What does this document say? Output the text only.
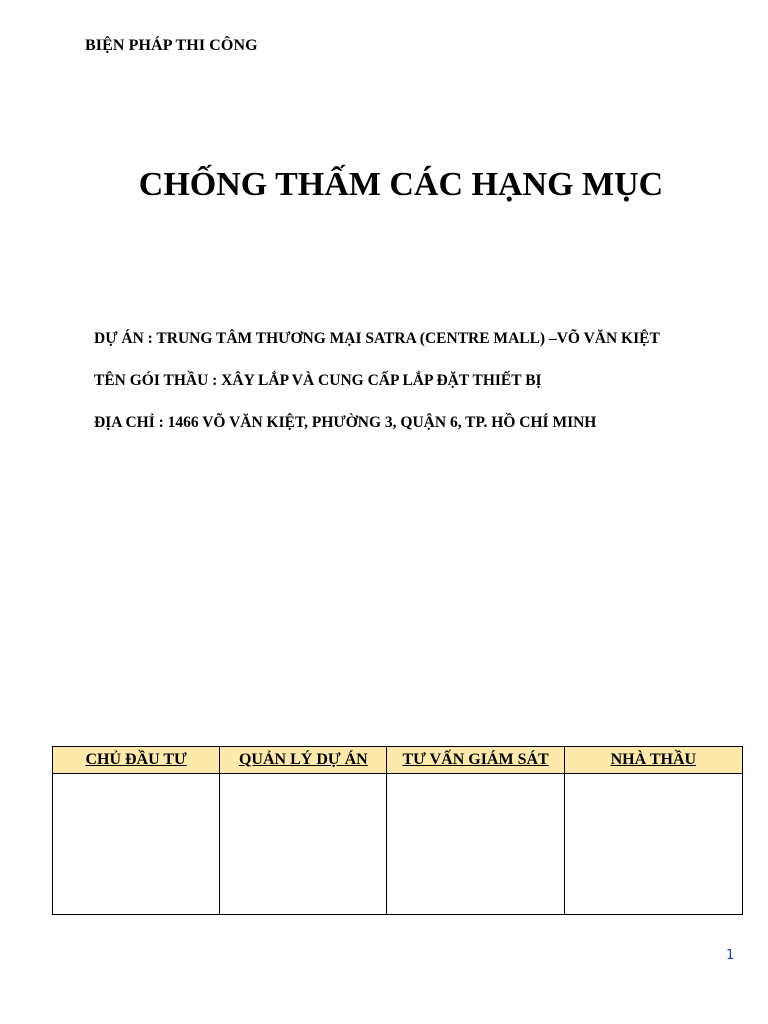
BIỆN PHÁP THI CÔNG
CHỐNG THẤM CÁC HẠNG MỤC
DỰ ÁN : TRUNG TÂM THƯƠNG MẠI SATRA (CENTRE MALL) –VÕ VĂN KIỆT
TÊN GÓI THẦU : XÂY LẮP VÀ CUNG CẤP LẮP ĐẶT THIẾT BỊ
ĐỊA CHỈ : 1466 VÕ VĂN KIỆT, PHƯỜNG 3, QUẬN 6, TP. HỒ CHÍ MINH
CHỦ ĐẦU TƯ	QUẢN LÝ DỰ ÁN	TƯ VẤN GIÁM SÁT	NHÀ THẦU

1
